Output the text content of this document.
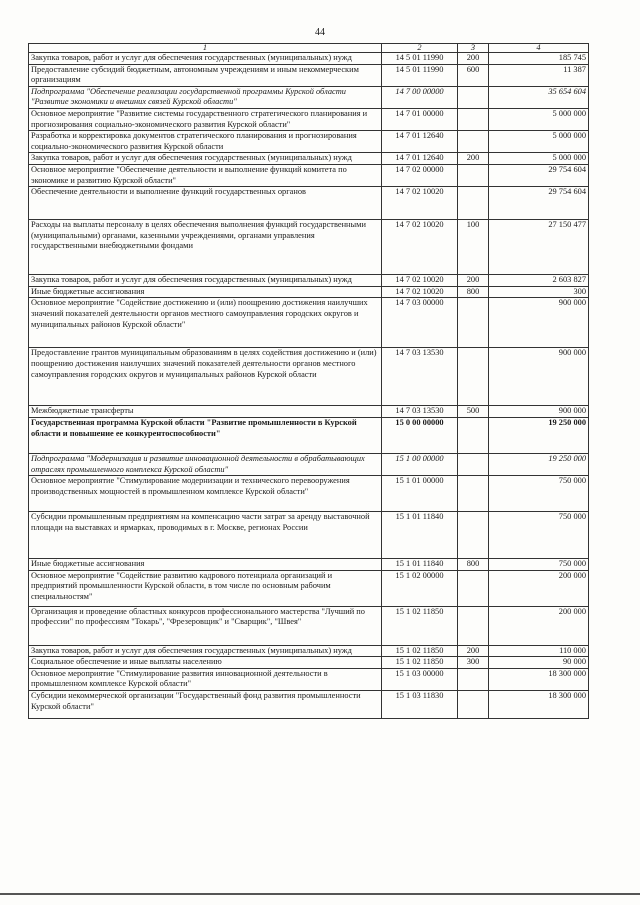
44
1	2	3	4
Закупка товаров, работ и услуг для обеспечения государственных (муниципальных) нужд	14 5 01 11990	200	185 745
Предоставление субсидий бюджетным, автономным учреждениям и иным некоммерческим организациям	14 5 01 11990	600	11 387
Подпрограмма "Обеспечение реализации государственной программы Курской области "Развитие экономики и внешних связей Курской области"	14 7 00 00000		35 654 604
Основное мероприятие "Развитие системы государственного стратегического планирования и прогнозирования социально-экономического развития Курской области"	14 7 01 00000		5 000 000
Разработка и корректировка документов стратегического планирования и прогнозирования социально-экономического развития Курской области	14 7 01 12640		5 000 000
Закупка товаров, работ и услуг для обеспечения государственных (муниципальных) нужд	14 7 01 12640	200	5 000 000
Основное мероприятие "Обеспечение деятельности и выполнение функций комитета по экономике и развитию Курской области"	14 7 02 00000		29 754 604
Обеспечение деятельности и выполнение функций государственных органов	14 7 02 10020		29 754 604
Расходы на выплаты персоналу в целях обеспечения выполнения функций государственными (муниципальными) органами, казенными учреждениями, органами управления государственными внебюджетными фондами	14 7 02 10020	100	27 150 477
Закупка товаров, работ и услуг для обеспечения государственных (муниципальных) нужд	14 7 02 10020	200	2 603 827
Иные бюджетные ассигнования	14 7 02 10020	800	300
Основное мероприятие "Содействие достижению и (или) поощрению достижения наилучших значений показателей деятельности органов местного самоуправления городских округов и муниципальных районов Курской области"	14 7 03 00000		900 000
Предоставление грантов муниципальным образованиям в целях содействия достижению и (или) поощрению достижения наилучших значений показателей деятельности органов местного самоуправления городских округов и муниципальных районов Курской области	14 7 03 13530		900 000
Межбюджетные трансферты	14 7 03 13530	500	900 000
Государственная программа Курской области "Развитие промышленности в Курской области и повышение ее конкурентоспособности"	15 0 00 00000		19 250 000
Подпрограмма "Модернизация и развитие инновационной деятельности в обрабатывающих отраслях промышленного комплекса Курской области"	15 1 00 00000		19 250 000
Основное мероприятие "Стимулирование модернизации и технического перевооружения производственных мощностей в промышленном комплексе Курской области"	15 1 01 00000		750 000
Субсидии промышленным предприятиям на компенсацию части затрат за аренду выставочной площади на выставках и ярмарках, проводимых в г. Москве, регионах России	15 1 01 11840		750 000
Иные бюджетные ассигнования	15 1 01 11840	800	750 000
Основное мероприятие "Содействие развитию кадрового потенциала организаций и предприятий промышленности Курской области, в том числе по основным рабочим специальностям"	15 1 02 00000		200 000
Организация и проведение областных конкурсов профессионального мастерства "Лучший по профессии" по профессиям "Токарь", "Фрезеровщик" и "Сварщик", "Швея"	15 1 02 11850		200 000
Закупка товаров, работ и услуг для обеспечения государственных (муниципальных) нужд	15 1 02 11850	200	110 000
Социальное обеспечение и иные выплаты населению	15 1 02 11850	300	90 000
Основное мероприятие "Стимулирование развития инновационной деятельности в промышленном комплексе Курской области"	15 1 03 00000		18 300 000
Субсидии некоммерческой организации "Государственный фонд развития промышленности Курской области"	15 1 03 11830		18 300 000
